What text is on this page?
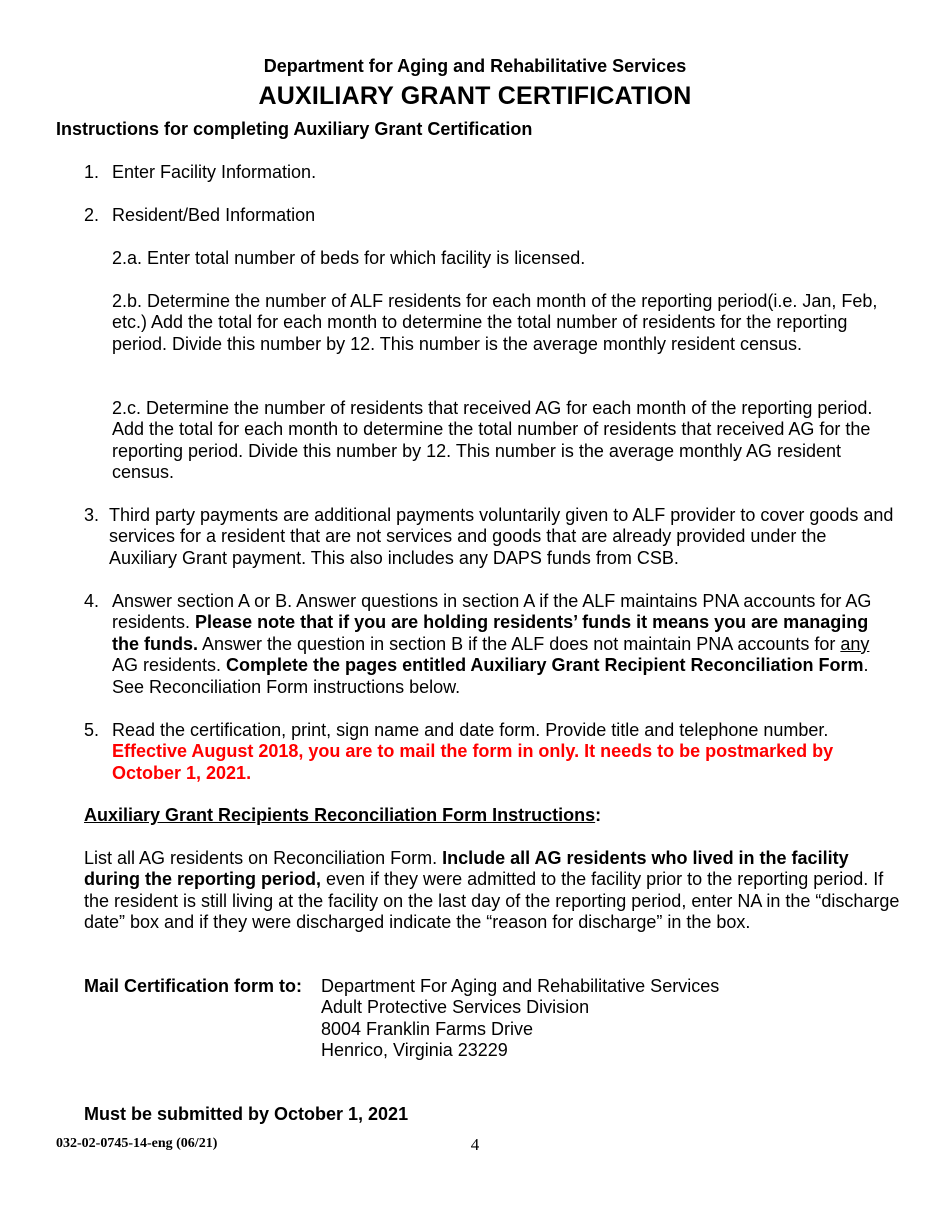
Department for Aging and Rehabilitative Services
AUXILIARY GRANT CERTIFICATION
Instructions for completing Auxiliary Grant Certification
1. Enter Facility Information.
2. Resident/Bed Information
2.a. Enter total number of beds for which facility is licensed.
2.b. Determine the number of ALF residents for each month of the reporting period(i.e. Jan, Feb, etc.) Add the total for each month to determine the total number of residents for the reporting period. Divide this number by 12. This number is the average monthly resident census.
2.c. Determine the number of residents that received AG for each month of the reporting period. Add the total for each month to determine the total number of residents that received AG for the reporting period. Divide this number by 12. This number is the average monthly AG resident census.
3. Third party payments are additional payments voluntarily given to ALF provider to cover goods and services for a resident that are not services and goods that are already provided under the Auxiliary Grant payment. This also includes any DAPS funds from CSB.
4. Answer section A or B. Answer questions in section A if the ALF maintains PNA accounts for AG residents. Please note that if you are holding residents’ funds it means you are managing the funds. Answer the question in section B if the ALF does not maintain PNA accounts for any AG residents. Complete the pages entitled Auxiliary Grant Recipient Reconciliation Form. See Reconciliation Form instructions below.
5. Read the certification, print, sign name and date form. Provide title and telephone number.
Effective August 2018, you are to mail the form in only. It needs to be postmarked by October 1, 2021.
Auxiliary Grant Recipients Reconciliation Form Instructions:
List all AG residents on Reconciliation Form. Include all AG residents who lived in the facility during the reporting period, even if they were admitted to the facility prior to the reporting period. If the resident is still living at the facility on the last day of the reporting period, enter NA in the “discharge date” box and if they were discharged indicate the “reason for discharge” in the box.
Mail Certification form to: Department For Aging and Rehabilitative Services
Adult Protective Services Division
8004 Franklin Farms Drive
Henrico, Virginia 23229
Must be submitted by October 1, 2021
032-02-0745-14-eng (06/21)	4
